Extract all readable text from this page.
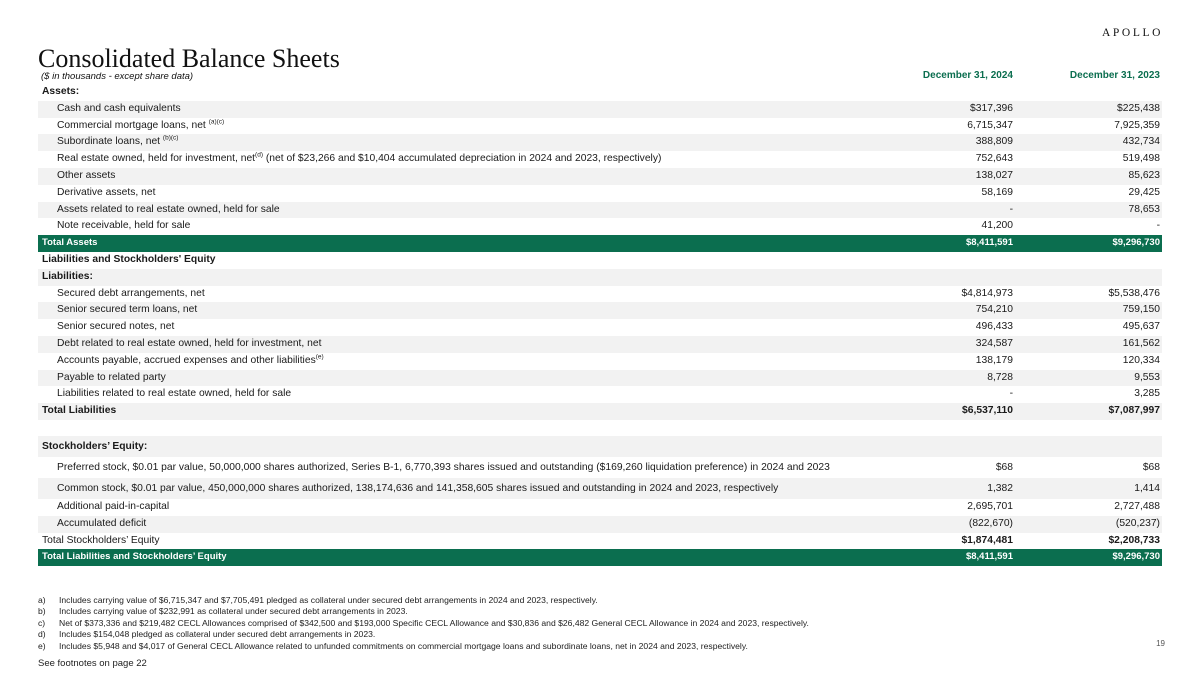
APOLLO
Consolidated Balance Sheets
($ in thousands - except share data)	December 31, 2024	December 31, 2023
Assets:
Cash and cash equivalents	$317,396	$225,438
Commercial mortgage loans, net $^{(a)(c)}$	6,715,347	7,925,359
Subordinate loans, net $^{(b)(c)}$	388,809	432,734
Real estate owned, held for investment, net$^{(d)}$ (net of $23,266 and $10,404 accumulated depreciation in 2024 and 2023, respectively)	752,643	519,498
Other assets	138,027	85,623
Derivative assets, net	58,169	29,425
Assets related to real estate owned, held for sale	-	78,653
Note receivable, held for sale	41,200	-
Total Assets	$8,411,591	$9,296,730
Liabilities and Stockholders' Equity
Liabilities:
Secured debt arrangements, net	$4,814,973	$5,538,476
Senior secured term loans, net	754,210	759,150
Senior secured notes, net	496,433	495,637
Debt related to real estate owned, held for investment, net	324,587	161,562
Accounts payable, accrued expenses and other liabilities$^{(e)}$	138,179	120,334
Payable to related party	8,728	9,553
Liabilities related to real estate owned, held for sale	-	3,285
Total Liabilities	$6,537,110	$7,087,997
Stockholders’ Equity:
Preferred stock, $0.01 par value, 50,000,000 shares authorized, Series B-1, 6,770,393 shares issued and outstanding ($169,260 liquidation preference) in 2024 and 2023	$68	$68
Common stock, $0.01 par value, 450,000,000 shares authorized, 138,174,636 and 141,358,605 shares issued and outstanding in 2024 and 2023, respectively	1,382	1,414
Additional paid-in-capital	2,695,701	2,727,488
Accumulated deficit	(822,670)	(520,237)
Total Stockholders’ Equity	$1,874,481	$2,208,733
Total Liabilities and Stockholders’ Equity	$8,411,591	$9,296,730
a)	Includes carrying value of $6,715,347 and $7,705,491 pledged as collateral under secured debt arrangements in 2024 and 2023, respectively.
b)	Includes carrying value of $232,991 as collateral under secured debt arrangements in 2023.
c)	Net of $373,336 and $219,482 CECL Allowances comprised of $342,500 and $193,000 Specific CECL Allowance and $30,836 and $26,482 General CECL Allowance in 2024 and 2023, respectively.
d)	Includes $154,048 pledged as collateral under secured debt arrangements in 2023.
e)	Includes $5,948 and $4,017 of General CECL Allowance related to unfunded commitments on commercial mortgage loans and subordinate loans, net in 2024 and 2023, respectively.
See footnotes on page 22
19
